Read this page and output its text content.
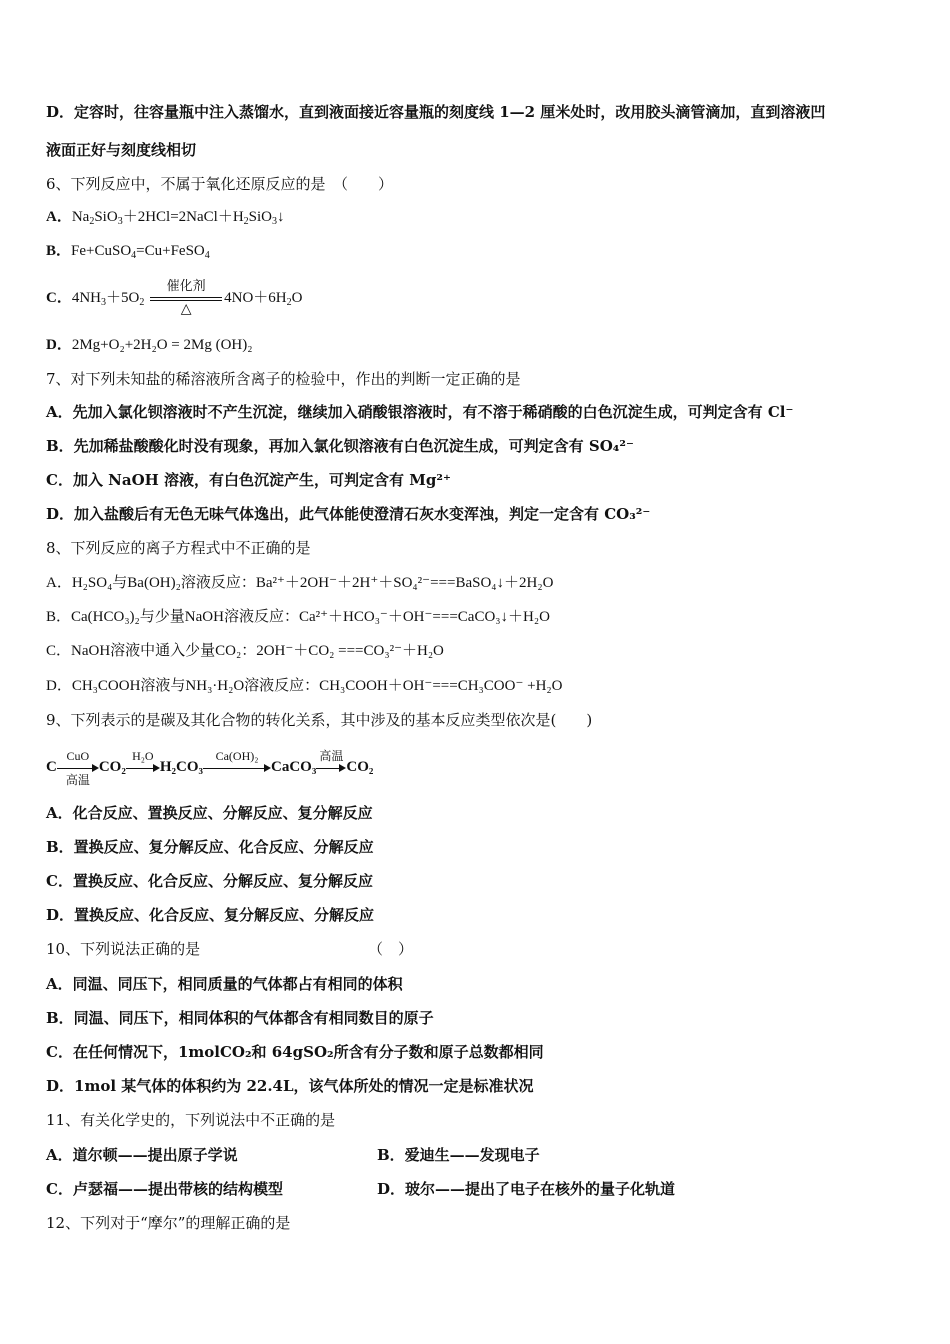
D．定容时，往容量瓶中注入蒸馏水，直到液面接近容量瓶的刻度线 1—2 厘米处时，改用胶头滴管滴加，直到溶液凹
液面正好与刻度线相切
6、下列反应中，不属于氧化还原反应的是　（　　）
A．$Na_2SiO_3+2HCl=2NaCl+H_2SiO_3↓$
B．Fe+CuSO$_4$=Cu+FeSO$_4$
C．$4NH_3+5O_2$
催化剂
△
$4NO+6H_2O$
D．2Mg+O₂+2H₂O = 2Mg (OH)₂
7、对下列未知盐的稀溶液所含离子的检验中，作出的判断一定正确的是
A．先加入氯化钡溶液时不产生沉淀，继续加入硝酸银溶液时，有不溶于稀硝酸的白色沉淀生成，可判定含有 Cl⁻
B．先加稀盐酸酸化时没有现象，再加入氯化钡溶液有白色沉淀生成，可判定含有 SO₄²⁻
C．加入 NaOH 溶液，有白色沉淀产生，可判定含有 Mg²⁺
D．加入盐酸后有无色无味气体逸出，此气体能使澄清石灰水变浑浊，判定一定含有 CO₃²⁻
8、下列反应的离子方程式中不正确的是
A．H₂SO₄与Ba(OH)₂溶液反应：Ba²⁺＋2OH⁻＋2H⁺＋SO₄²⁻===BaSO₄↓＋2H₂O
B．Ca(HCO₃)₂与少量NaOH溶液反应：Ca²⁺＋HCO₃⁻＋OH⁻===CaCO₃↓＋H₂O
C．NaOH溶液中通入少量CO₂：2OH⁻＋CO₂ ===CO₃²⁻＋H₂O
D．CH₃COOH溶液与NH₃·H₂O溶液反应：CH₃COOH＋OH⁻===CH₃COO⁻ +H₂O
9、下列表示的是碳及其化合物的转化关系，其中涉及的基本反应类型依次是(　　)
C
CuO
高温
CO₂
H₂O
H₂CO₃
Ca(OH)₂
CaCO₃
高温
CO₂
A．化合反应、置换反应、分解反应、复分解反应
B．置换反应、复分解反应、化合反应、分解反应
C．置换反应、化合反应、分解反应、复分解反应
D．置换反应、化合反应、复分解反应、分解反应
10、下列说法正确的是	（　）
A．同温、同压下，相同质量的气体都占有相同的体积
B．同温、同压下，相同体积的气体都含有相同数目的原子
C．在任何情况下，1molCO₂和 64gSO₂所含有分子数和原子总数都相同
D．1mol 某气体的体积约为 22.4L，该气体所处的情况一定是标准状况
11、有关化学史的，下列说法中不正确的是
A．道尔顿——提出原子学说	B．爱迪生——发现电子
C．卢瑟福——提出带核的结构模型	D．玻尔——提出了电子在核外的量子化轨道
12、下列对于“摩尔”的理解正确的是
